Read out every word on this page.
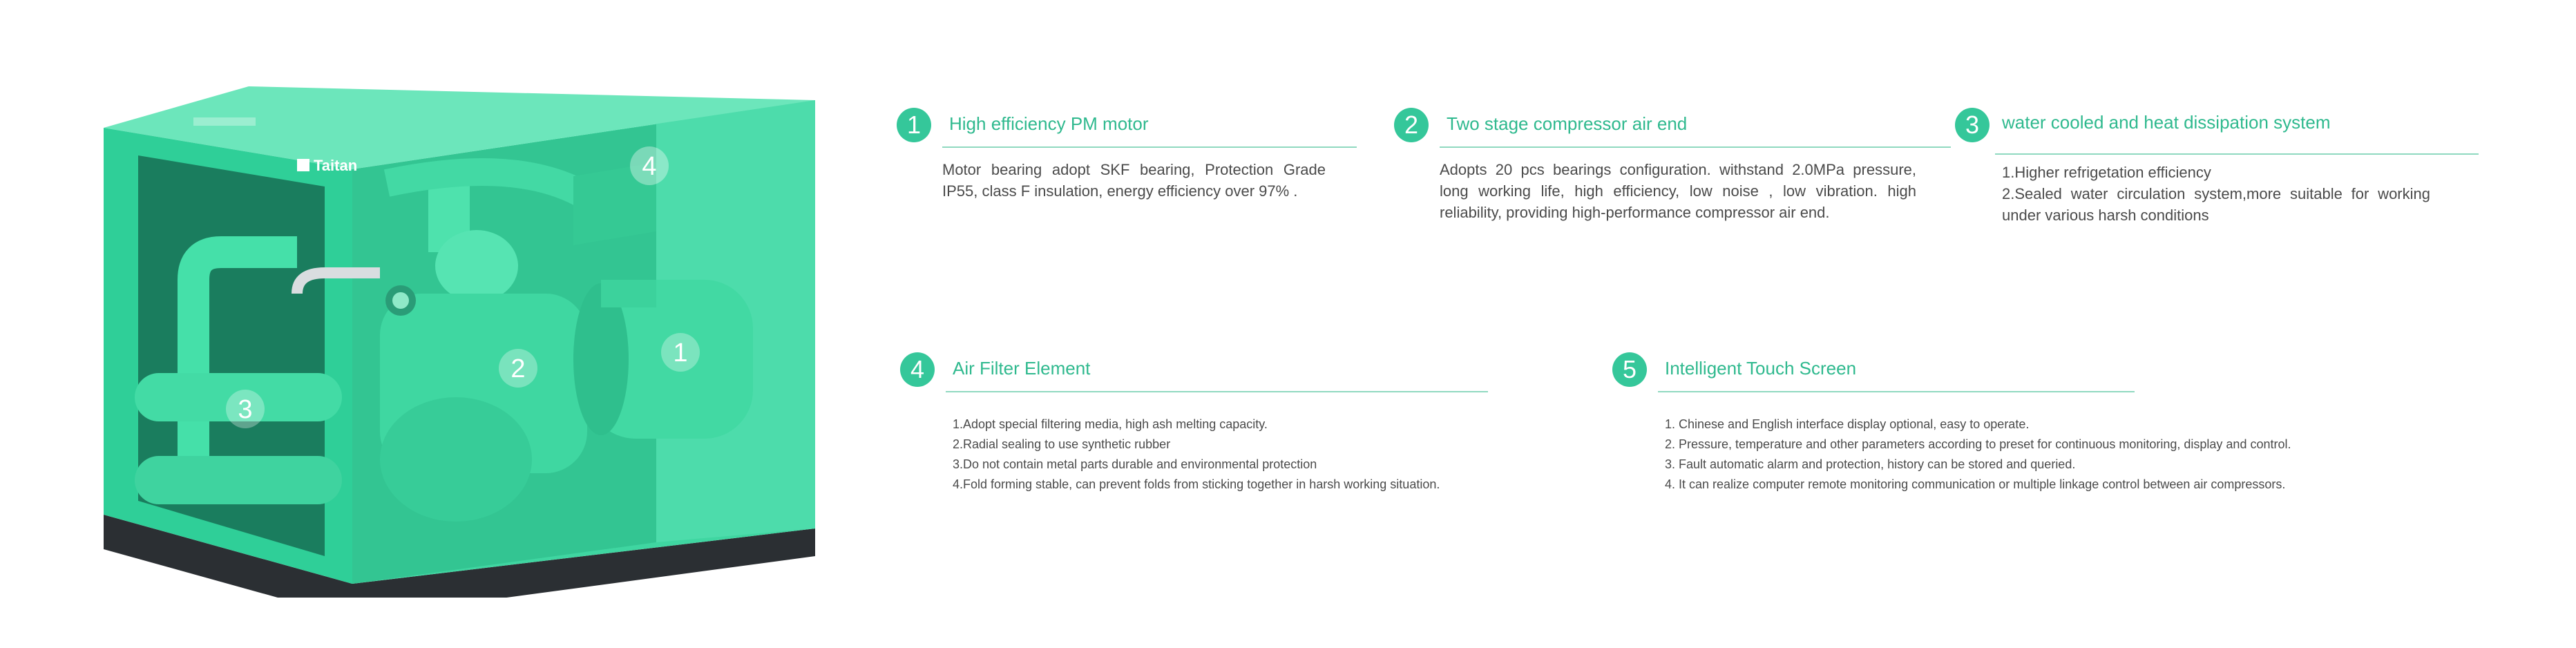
Taitan	4
2
1
3
1	High efficiency PM motor

Motor bearing adopt SKF bearing, Protection Grade IP55, class F insulation, energy efficiency over 97% .

2	Two stage compressor air end

Adopts 20 pcs bearings configuration. withstand 2.0MPa pressure, long working life, high efficiency, low noise , low vibration. high reliability, providing high-performance compressor air end.

3	water cooled and heat dissipation system

1.Higher refrigetation efficiency

2.Sealed water circulation system,more suitable for working under various harsh conditions

4	Air Filter Element
1.Adopt special filtering media, high ash melting capacity.
2.Radial sealing to use synthetic rubber
3.Do not contain metal parts durable and environmental protection
4.Fold forming stable, can prevent folds from sticking together in harsh working situation.
5	Intelligent Touch Screen
1. Chinese and English interface display optional, easy to operate.
2. Pressure, temperature and other parameters according to preset for continuous monitoring, display and control.
3. Fault automatic alarm and protection, history can be stored and queried.
4. It can realize computer remote monitoring communication or multiple linkage control between air compressors.
